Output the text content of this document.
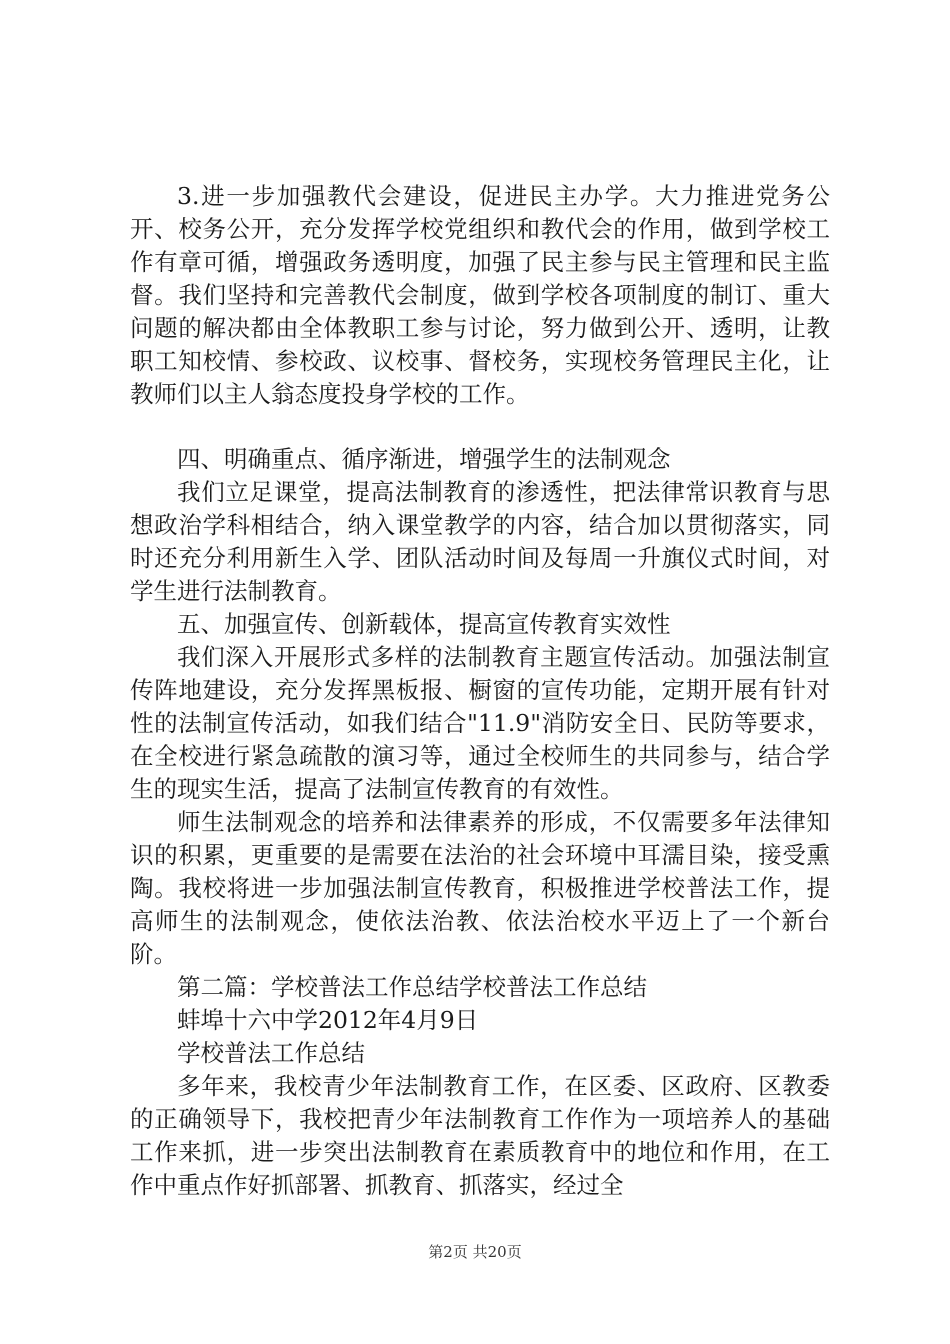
3.进一步加强教代会建设，促进民主办学。大力推进党务公开、校务公开，充分发挥学校党组织和教代会的作用，做到学校工作有章可循，增强政务透明度，加强了民主参与民主管理和民主监督。我们坚持和完善教代会制度，做到学校各项制度的制订、重大问题的解决都由全体教职工参与讨论，努力做到公开、透明，让教职工知校情、参校政、议校事、督校务，实现校务管理民主化，让教师们以主人翁态度投身学校的工作。

四、明确重点、循序渐进，增强学生的法制观念

我们立足课堂，提高法制教育的渗透性，把法律常识教育与思想政治学科相结合，纳入课堂教学的内容，结合加以贯彻落实，同时还充分利用新生入学、团队活动时间及每周一升旗仪式时间，对学生进行法制教育。

五、加强宣传、创新载体，提高宣传教育实效性

我们深入开展形式多样的法制教育主题宣传活动。加强法制宣传阵地建设，充分发挥黑板报、橱窗的宣传功能，定期开展有针对性的法制宣传活动，如我们结合"11.9"消防安全日、民防等要求，在全校进行紧急疏散的演习等，通过全校师生的共同参与，结合学生的现实生活，提高了法制宣传教育的有效性。

师生法制观念的培养和法律素养的形成，不仅需要多年法律知识的积累，更重要的是需要在法治的社会环境中耳濡目染，接受熏陶。我校将进一步加强法制宣传教育，积极推进学校普法工作，提高师生的法制观念，使依法治教、依法治校水平迈上了一个新台阶。

第二篇：学校普法工作总结学校普法工作总结

蚌埠十六中学2012年4月9日

学校普法工作总结

多年来，我校青少年法制教育工作，在区委、区政府、区教委的正确领导下，我校把青少年法制教育工作作为一项培养人的基础工作来抓，进一步突出法制教育在素质教育中的地位和作用，在工作中重点作好抓部署、抓教育、抓落实，经过全

第2页 共20页
